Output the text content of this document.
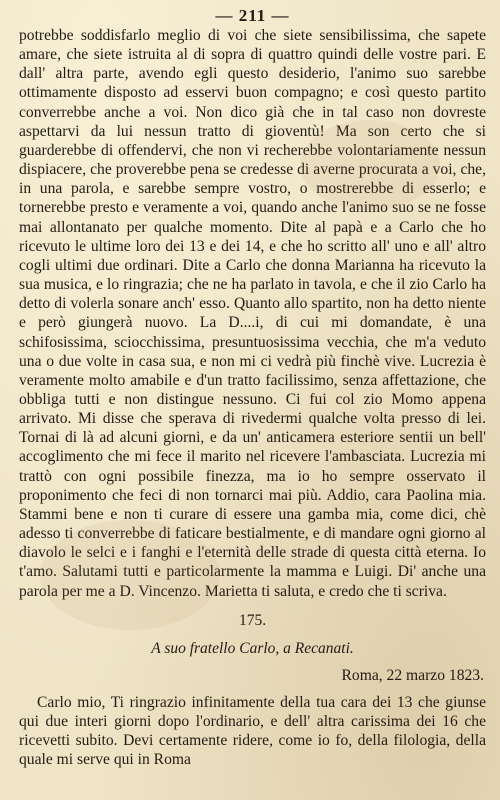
— 211 —

potrebbe soddisfarlo meglio di voi che siete sensibilissima, che sapete amare, che siete istruita al di sopra di quattro quindi delle vostre pari. E dall' altra parte, avendo egli questo desiderio, l'animo suo sarebbe ottimamente disposto ad esservi buon compagno; e così questo partito converrebbe anche a voi. Non dico già che in tal caso non dovreste aspettarvi da lui nessun tratto di gioventù! Ma son certo che si guarderebbe di offendervi, che non vi recherebbe volontariamente nessun dispiacere, che proverebbe pena se credesse di averne procurata a voi, che, in una parola, e sarebbe sempre vostro, o mostrerebbe di esserlo; e tornerebbe presto e veramente a voi, quando anche l'animo suo se ne fosse mai allontanato per qualche momento. Dite al papà e a Carlo che ho ricevuto le ultime loro dei 13 e dei 14, e che ho scritto all' uno e all' altro cogli ultimi due ordinari. Dite a Carlo che donna Marianna ha ricevuto la sua musica, e lo ringrazia; che ne ha parlato in tavola, e che il zio Carlo ha detto di volerla sonare anch' esso. Quanto allo spartito, non ha detto niente e però giungerà nuovo. La D....i, di cui mi domandate, è una schifosissima, sciocchissima, presuntuosissima vecchia, che m'a veduto una o due volte in casa sua, e non mi ci vedrà più finchè vive. Lucrezia è veramente molto amabile e d'un tratto facilissimo, senza affettazione, che obbliga tutti e non distingue nessuno. Ci fui col zio Momo appena arrivato. Mi disse che sperava di rivedermi qualche volta presso di lei. Tornai di là ad alcuni giorni, e da un' anticamera esteriore sentii un bell' accoglimento che mi fece il marito nel ricevere l'ambasciata. Lucrezia mi trattò con ogni possibile finezza, ma io ho sempre osservato il proponimento che feci di non tornarci mai più. Addio, cara Paolina mia. Stammi bene e non ti curare di essere una gamba mia, come dici, chè adesso ti converrebbe di faticare bestialmente, e di mandare ogni giorno al diavolo le selci e i fanghi e l'eternità delle strade di questa città eterna. Io t'amo. Salutami tutti e particolarmente la mamma e Luigi. Di' anche una parola per me a D. Vincenzo. Marietta ti saluta, e credo che ti scriva.

175.
A suo fratello Carlo, a Recanati.
Roma, 22 marzo 1823.

Carlo mio, Ti ringrazio infinitamente della tua cara dei 13 che giunse qui due interi giorni dopo l'ordinario, e dell' altra carissima dei 16 che ricevetti subito. Devi certamente ridere, come io fo, della filologia, della quale mi serve qui in Roma
